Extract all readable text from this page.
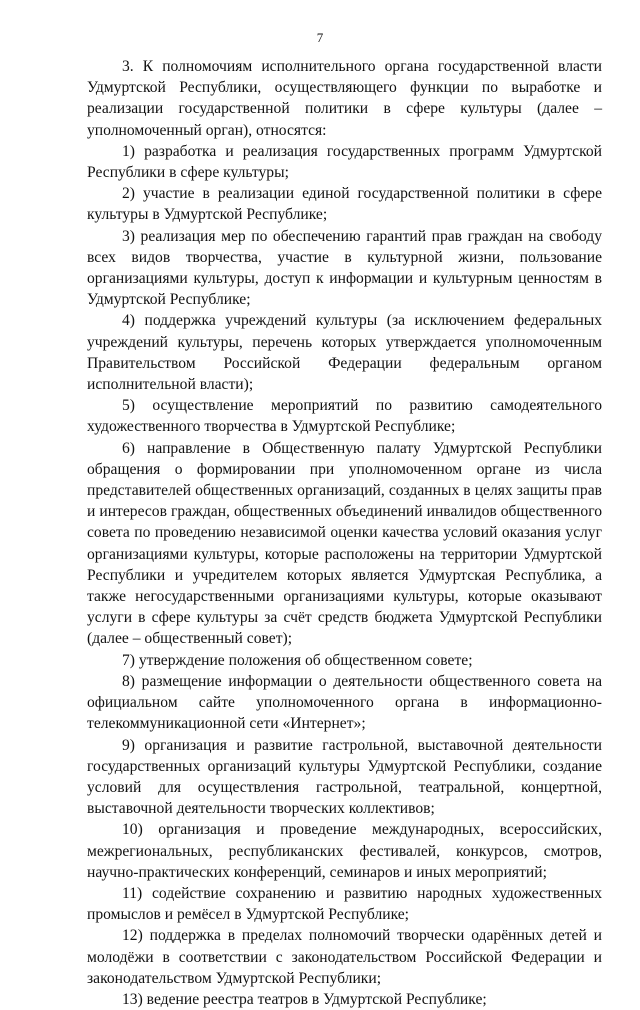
7

3. К полномочиям исполнительного органа государственной власти Удмуртской Республики, осуществляющего функции по выработке и реализации государственной политики в сфере культуры (далее – уполномоченный орган), относятся:

1) разработка и реализация государственных программ Удмуртской Республики в сфере культуры;

2) участие в реализации единой государственной политики в сфере культуры в Удмуртской Республике;

3) реализация мер по обеспечению гарантий прав граждан на свободу всех видов творчества, участие в культурной жизни, пользование организациями культуры, доступ к информации и культурным ценностям в Удмуртской Республике;

4) поддержка учреждений культуры (за исключением федеральных учреждений культуры, перечень которых утверждается уполномоченным Правительством Российской Федерации федеральным органом исполнительной власти);

5) осуществление мероприятий по развитию самодеятельного художественного творчества в Удмуртской Республике;

6) направление в Общественную палату Удмуртской Республики обращения о формировании при уполномоченном органе из числа представителей общественных организаций, созданных в целях защиты прав и интересов граждан, общественных объединений инвалидов общественного совета по проведению независимой оценки качества условий оказания услуг организациями культуры, которые расположены на территории Удмуртской Республики и учредителем которых является Удмуртская Республика, а также негосударственными организациями культуры, которые оказывают услуги в сфере культуры за счёт средств бюджета Удмуртской Республики (далее – общественный совет);

7) утверждение положения об общественном совете;

8) размещение информации о деятельности общественного совета на официальном сайте уполномоченного органа в информационно-телекоммуникационной сети «Интернет»;

9) организация и развитие гастрольной, выставочной деятельности государственных организаций культуры Удмуртской Республики, создание условий для осуществления гастрольной, театральной, концертной, выставочной деятельности творческих коллективов;

10) организация и проведение международных, всероссийских, межрегиональных, республиканских фестивалей, конкурсов, смотров, научно-практических конференций, семинаров и иных мероприятий;

11) содействие сохранению и развитию народных художественных промыслов и ремёсел в Удмуртской Республике;

12) поддержка в пределах полномочий творчески одарённых детей и молодёжи в соответствии с законодательством Российской Федерации и законодательством Удмуртской Республики;

13) ведение реестра театров в Удмуртской Республике;
